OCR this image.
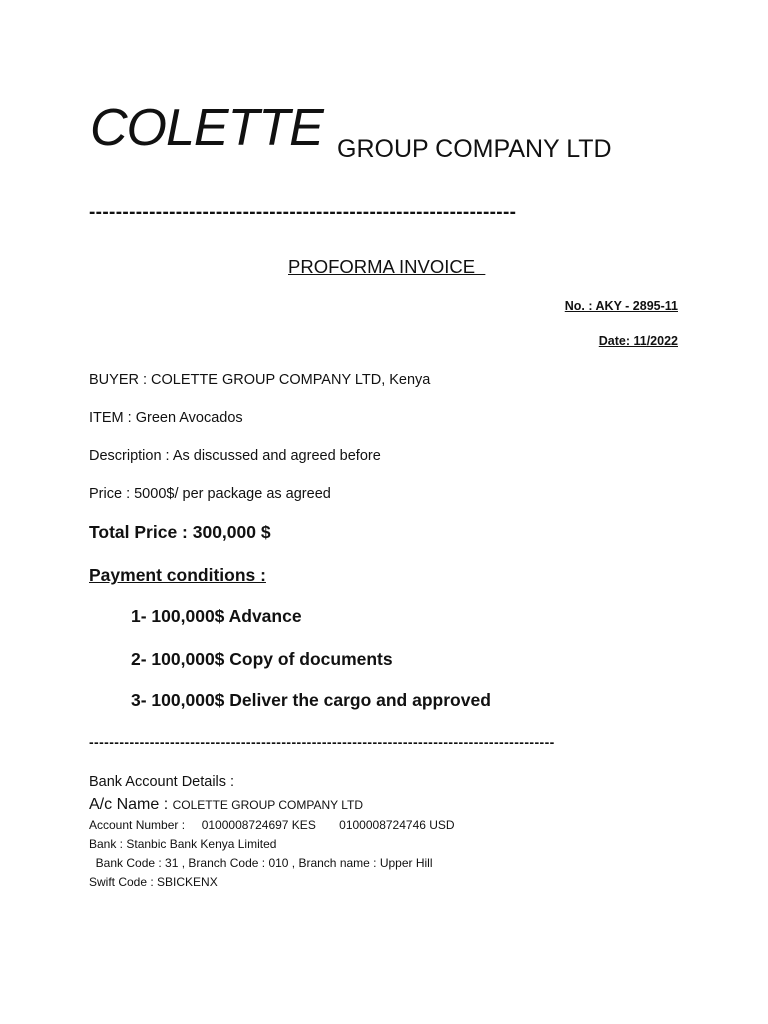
COLETTE GROUP COMPANY LTD
----------------------------------------------------------------
PROFORMA INVOICE
No. : AKY - 2895-11
Date: 11/2022
BUYER : COLETTE GROUP COMPANY LTD, Kenya
ITEM : Green Avocados
Description : As discussed and agreed before
Price : 5000$/ per package as agreed
Total Price : 300,000 $
Payment conditions :
1- 100,000$ Advance
2- 100,000$ Copy of documents
3- 100,000$ Deliver the cargo and approved
--------------------------------------------------------------------------------------------
Bank Account Details :
A/c Name : COLETTE GROUP COMPANY LTD
Account Number :     0100008724697 KES       0100008724746 USD
Bank : Stanbic Bank Kenya Limited
Bank Code : 31 , Branch Code : 010 , Branch name : Upper Hill
Swift Code : SBICKENX
